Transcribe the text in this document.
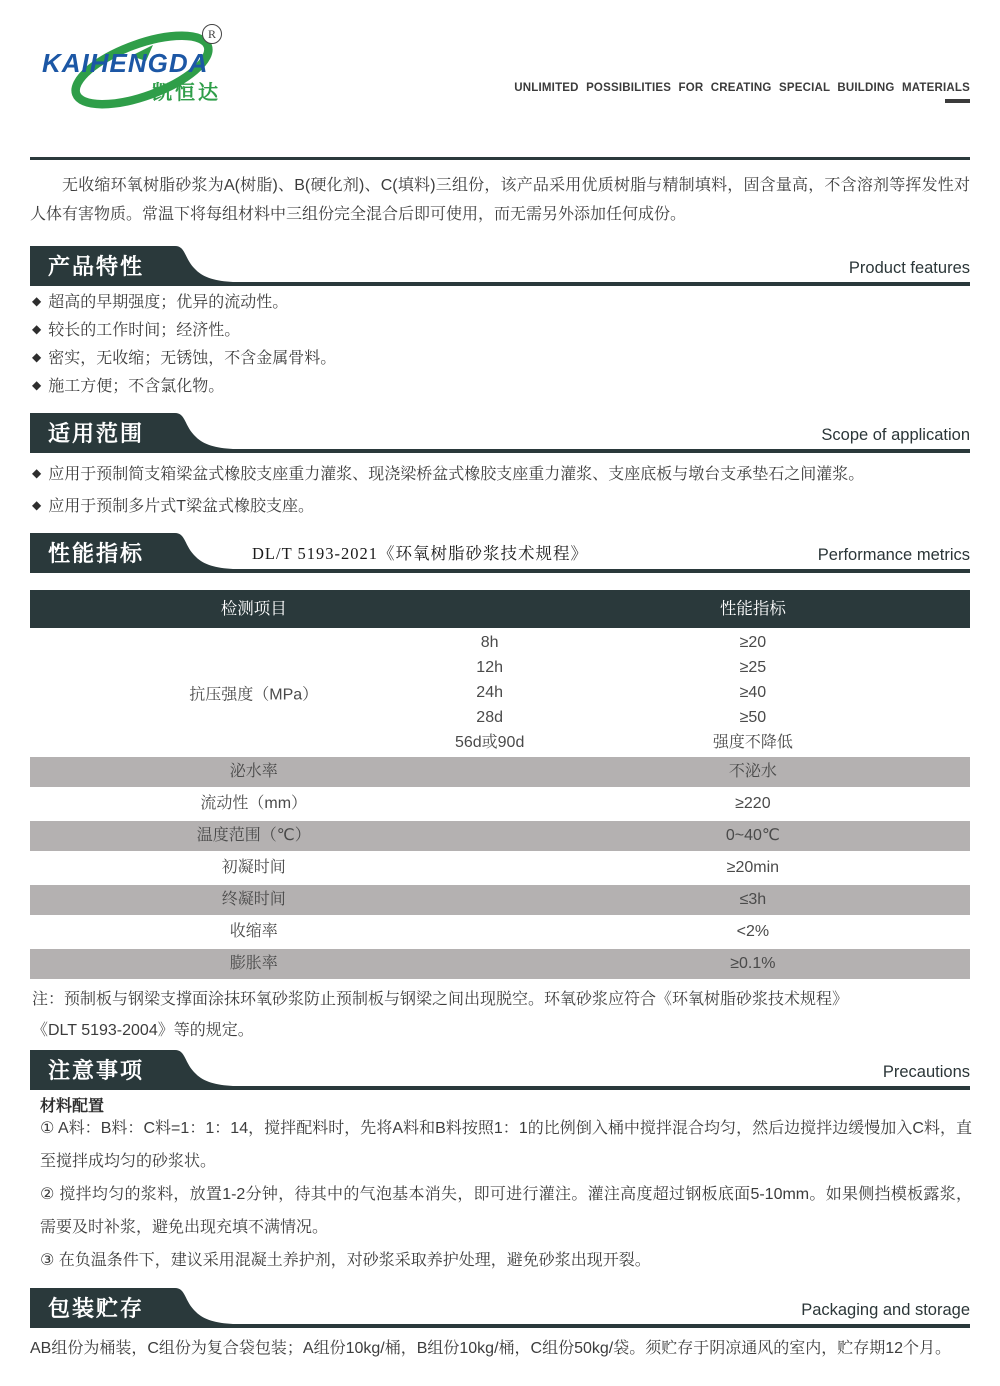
KAIHENGDA
凯恒达
R
UNLIMITED POSSIBILITIES FOR CREATING SPECIAL BUILDING MATERIALS
无收缩环氧树脂砂浆为A(树脂)、B(硬化剂)、C(填料)三组份，该产品采用优质树脂与精制填料，固含量高，不含溶剂等挥发性对人体有害物质。常温下将每组材料中三组份完全混合后即可使用，而无需另外添加任何成份。
产品特性	Product features
◆ 超高的早期强度；优异的流动性。
◆ 较长的工作时间；经济性。
◆ 密实，无收缩；无锈蚀，不含金属骨料。
◆ 施工方便；不含氯化物。
适用范围	Scope of application
◆ 应用于预制简支箱梁盆式橡胶支座重力灌浆、现浇梁桥盆式橡胶支座重力灌浆、支座底板与墩台支承垫石之间灌浆。
◆ 应用于预制多片式T梁盆式橡胶支座。
性能指标	DL/T 5193-2021《环氧树脂砂浆技术规程》	Performance metrics
检测项目	性能指标
抗压强度（MPa）
8h	≥20
12h	≥25
24h	≥40
28d	≥50
56d或90d	强度不降低
泌水率	不泌水
流动性（mm）	≥220
温度范围（℃）	0~40℃
初凝时间	≥20min
终凝时间	≤3h
收缩率	<2%
膨胀率	≥0.1%
注：预制板与钢梁支撑面涂抹环氧砂浆防止预制板与钢梁之间出现脱空。环氧砂浆应符合《环氧树脂砂浆技术规程》
《DLT 5193-2004》等的规定。
注意事项	Precautions
材料配置

① A料：B料：C料=1：1：14，搅拌配料时，先将A料和B料按照1：1的比例倒入桶中搅拌混合均匀，然后边搅拌边缓慢加入C料，直至搅拌成均匀的砂浆状。

② 搅拌均匀的浆料，放置1-2分钟，待其中的气泡基本消失，即可进行灌注。灌注高度超过钢板底面5-10mm。如果侧挡模板露浆，需要及时补浆，避免出现充填不满情况。

③ 在负温条件下，建议采用混凝土养护剂，对砂浆采取养护处理，避免砂浆出现开裂。

包装贮存	Packaging and storage
AB组份为桶装，C组份为复合袋包装；A组份10kg/桶，B组份10kg/桶，C组份50kg/袋。须贮存于阴凉通风的室内，贮存期12个月。
